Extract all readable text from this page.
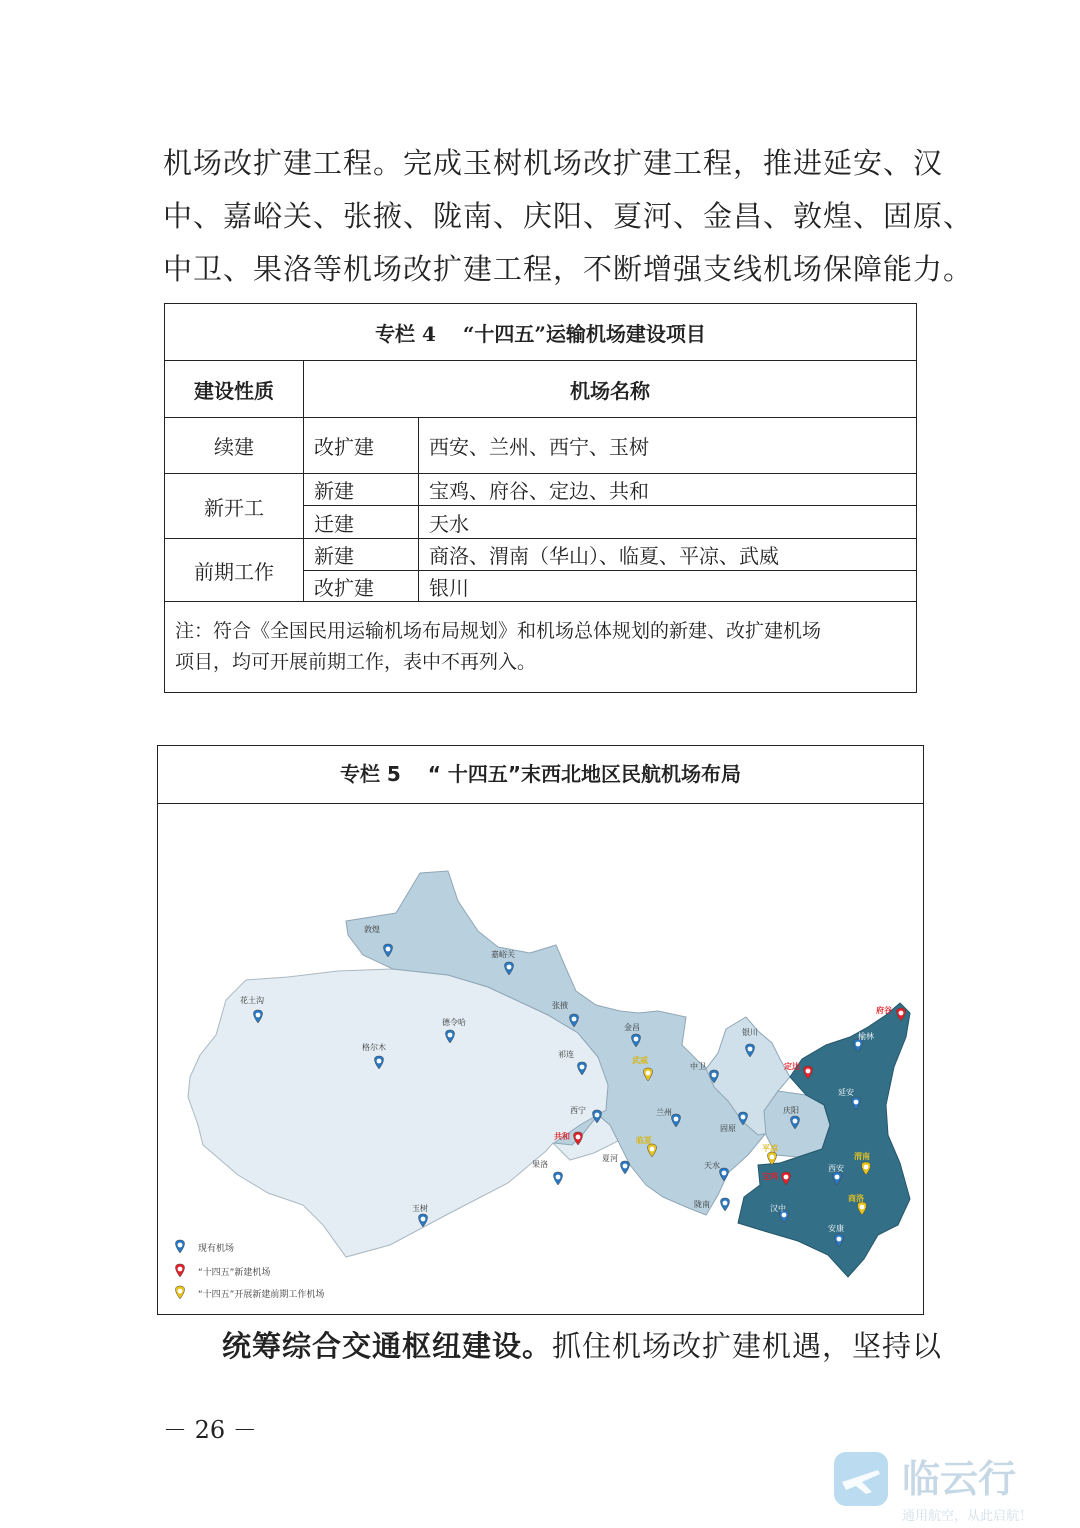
机场改扩建工程。完成玉树机场改扩建工程，推进延安、汉
中、嘉峪关、张掖、陇南、庆阳、夏河、金昌、敦煌、固原、
中卫、果洛等机场改扩建工程，不断增强支线机场保障能力。
专栏 4　 “十四五”运输机场建设项目		
建设性质	机场名称	
续建	改扩建	西安、兰州、西宁、玉树
新开工	新建	宝鸡、府谷、定边、共和
	迁建	天水
前期工作	新建	商洛、渭南（华山）、临夏、平凉、武威
	改扩建	银川

注：符合《全国民用运输机场布局规划》和机场总体规划的新建、改扩建机场
项目，均可开展前期工作，表中不再列入。		
专栏 5 　“ 十四五”末西北地区民航机场布局
现有机场
“十四五”新建机场
“十四五”开展新建前期工作机场
敦煌
嘉峪关
花土沟
德令哈
格尔木
张掖
金昌
祁连
银川
中卫
榆林
延安
西宁	兰州
固原
庆阳
夏河
果洛	天水	西安
陇南	汉中
安康
玉树
府谷
定边
共和
宝鸡
武威
临夏
平凉
渭南
商洛
统筹综合交通枢纽建设。抓住机场改扩建机遇，坚持以
－ 26 －
临云行
通用航空，从此启航！
